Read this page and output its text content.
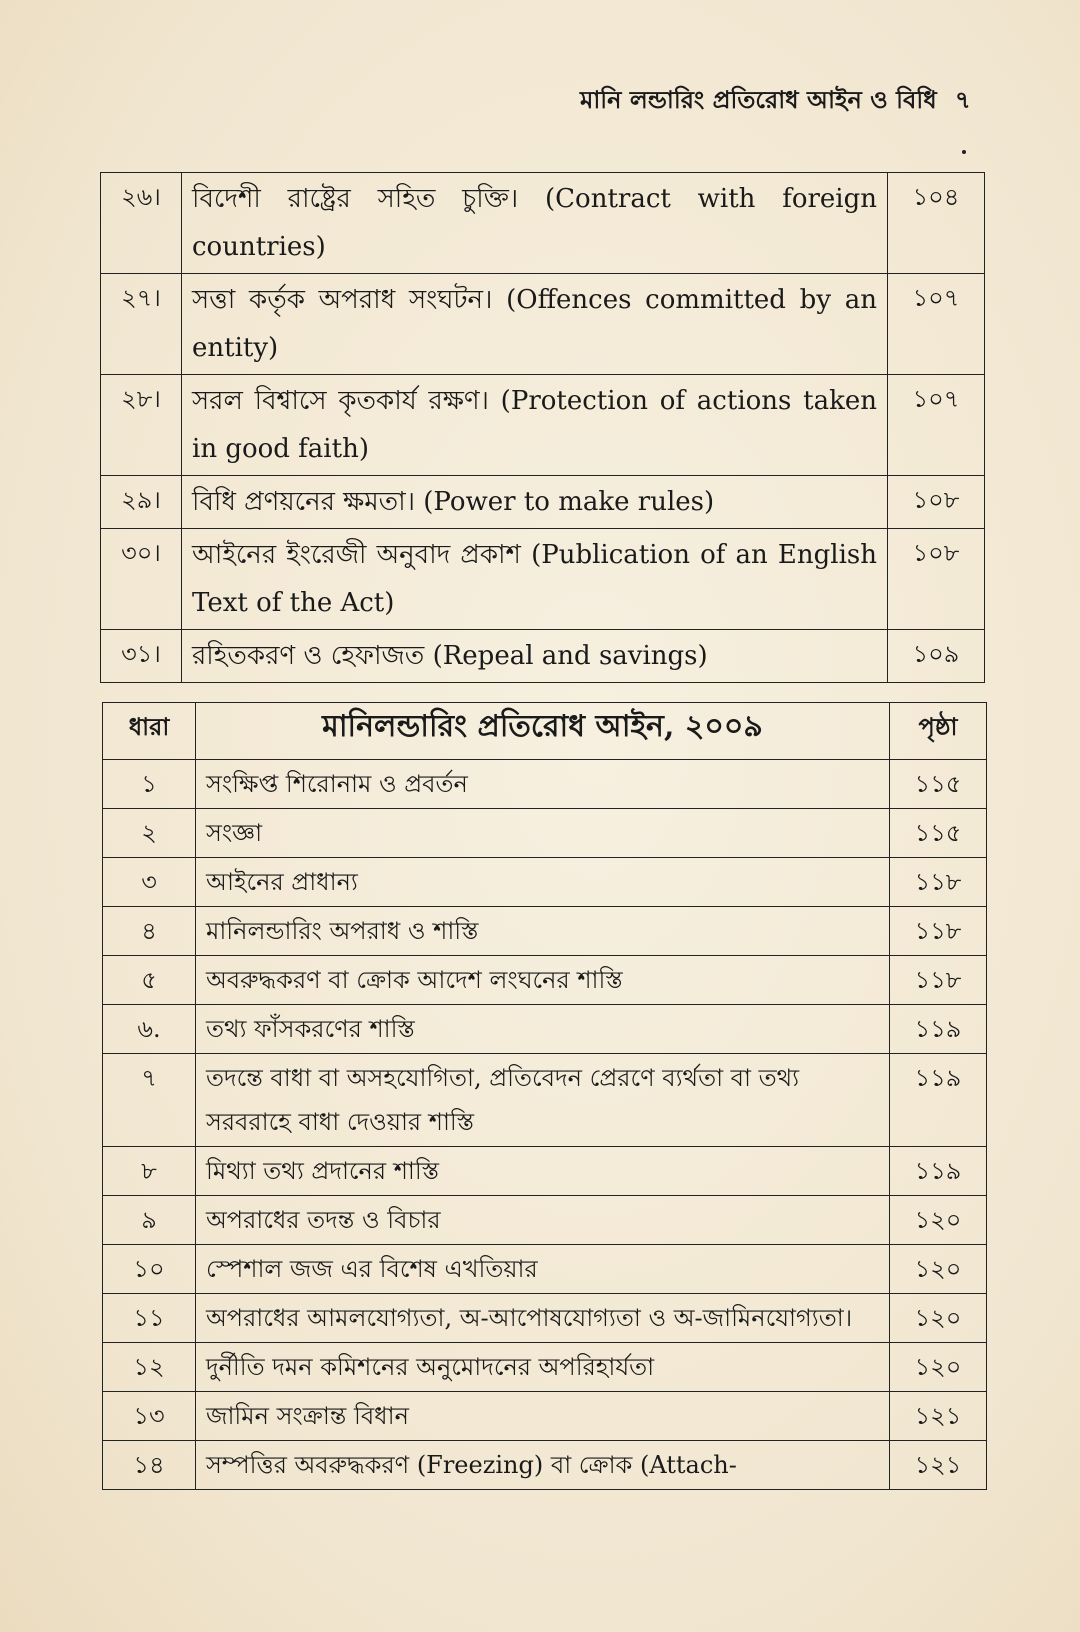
মানি লন্ডারিং প্রতিরোধ আইন ও বিধি ৭
২৬।	বিদেশী রাষ্ট্রের সহিত চুক্তি। (Contract with foreign countries)	১০৪
২৭।	সত্তা কর্তৃক অপরাধ সংঘটন। (Offences committed by an entity)	১০৭
২৮।	সরল বিশ্বাসে কৃতকার্য রক্ষণ। (Protection of actions taken in good faith)	১০৭
২৯।	বিধি প্রণয়নের ক্ষমতা। (Power to make rules)	১০৮
৩০।	আইনের ইংরেজী অনুবাদ প্রকাশ (Publication of an English Text of the Act)	১০৮
৩১।	রহিতকরণ ও হেফাজত (Repeal and savings)	১০৯
ধারা	মানিলন্ডারিং প্রতিরোধ আইন, ২০০৯	পৃষ্ঠা
১	সংক্ষিপ্ত শিরোনাম ও প্রবর্তন	১১৫
২	সংজ্ঞা	১১৫
৩	আইনের প্রাধান্য	১১৮
৪	মানিলন্ডারিং অপরাধ ও শাস্তি	১১৮
৫	অবরুদ্ধকরণ বা ক্রোক আদেশ লংঘনের শাস্তি	১১৮
৬.	তথ্য ফাঁসকরণের শাস্তি	১১৯
৭	তদন্তে বাধা বা অসহযোগিতা, প্রতিবেদন প্রেরণে ব্যর্থতা বা তথ্য সরবরাহে বাধা দেওয়ার শাস্তি	১১৯
৮	মিথ্যা তথ্য প্রদানের শাস্তি	১১৯
৯	অপরাধের তদন্ত ও বিচার	১২০
১০	স্পেশাল জজ এর বিশেষ এখতিয়ার	১২০
১১	অপরাধের আমলযোগ্যতা, অ-আপোষযোগ্যতা ও অ-জামিনযোগ্যতা।	১২০
১২	দুর্নীতি দমন কমিশনের অনুমোদনের অপরিহার্যতা	১২০
১৩	জামিন সংক্রান্ত বিধান	১২১
১৪	সম্পত্তির অবরুদ্ধকরণ (Freezing) বা ক্রোক (Attach-	১২১
